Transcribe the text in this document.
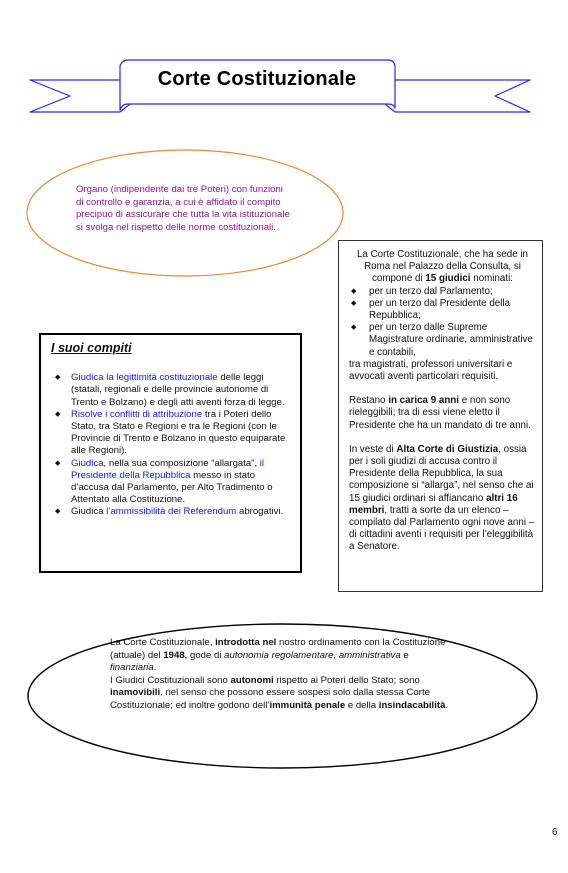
Corte Costituzionale
Organo (indipendente dai tre Poteri) con funzioni di controllo e garanzia, a cui è affidato il compito precipuo di assicurare che tutta la vita istituzionale si svolga nel rispetto delle norme costituzionali.

La Corte Costituzionale, che ha sede in Roma nel Palazzo della Consulta, si compone di 15 giudici nominati:

◆ per un terzo dal Parlamento;
◆ per un terzo dal Presidente della Repubblica;
◆ per un terzo dalle Supreme Magistrature ordinarie, amministrative e contabili,

tra magistrati, professori universitari e avvocati aventi particolari requisiti.

Restano in carica 9 anni e non sono rieleggibili; tra di essi viene eletto il Presidente che ha un mandato di tre anni.

In veste di Alta Corte di Giustizia, ossia per i soli giudizi di accusa contro il Presidente della Repubblica, la sua composizione si “allarga”, nel senso che ai 15 giudici ordinari si affiancano altri 16 membri, tratti a sorte da un elenco – compilato dal Parlamento ogni nove anni – di cittadini aventi i requisiti per l’eleggibilità a Senatore.

I suoi compiti
◆ Giudica la legittimità costituzionale delle leggi (statali, regionali e delle provincie autonome di Trento e Bolzano) e degli atti aventi forza di legge.
◆ Risolve i conflitti di attribuzione tra i Poteri dello Stato, tra Stato e Regioni e tra le Regioni (con le Provincie di Trento e Bolzano in questo equiparate alle Regioni).
◆ Giudica, nella sua composizione “allargata”, il Presidente della Repubblica messo in stato d’accusa dal Parlamento, per Alto Tradimento o Attentato alla Costituzione.
◆ Giudica l’ammissibilità dei Referendum abrogativi.
La Corte Costituzionale, introdotta nel nostro ordinamento con la Costituzione (attuale) del 1948, gode di autonomia regolamentare, amministrativa e finanziaria.
I Giudici Costituzionali sono autonomi rispetto ai Poteri dello Stato; sono inamovibili, nel senso che possono essere sospesi solo dalla stessa Corte Costituzionale; ed inoltre godono dell’immunità penale e della insindacabilità.
6
